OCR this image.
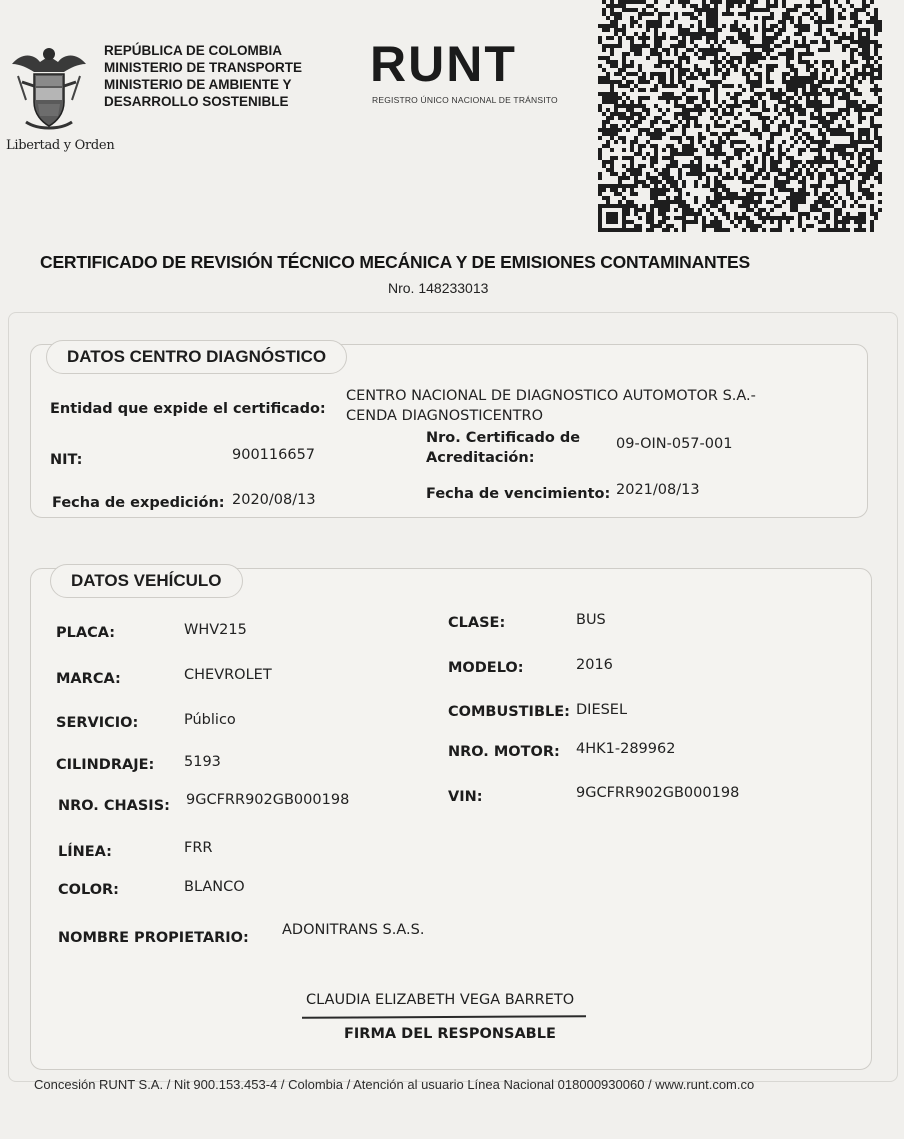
Libertad y Orden
REPÚBLICA DE COLOMBIA
MINISTERIO DE TRANSPORTE
MINISTERIO DE AMBIENTE Y
DESARROLLO SOSTENIBLE
RUNT
REGISTRO ÚNICO NACIONAL DE TRÁNSITO
CERTIFICADO DE REVISIÓN TÉCNICO MECÁNICA Y DE EMISIONES CONTAMINANTES
Nro. 148233013
DATOS CENTRO DIAGNÓSTICO
Entidad que expide el certificado:
CENTRO NACIONAL DE DIAGNOSTICO AUTOMOTOR S.A.- CENDA DIAGNOSTICENTRO
NIT:	900116657
Nro. Certificado de Acreditación:
09-OIN-057-001
Fecha de expedición: 2020/08/13	Fecha de vencimiento: 2021/08/13
DATOS VEHÍCULO
PLACA:	WHV215
MARCA:	CHEVROLET
SERVICIO:	Público
CILINDRAJE: 5193
NRO. CHASIS: 9GCFRR902GB000198
LÍNEA:	FRR
COLOR:	BLANCO
CLASE:	BUS
MODELO:	2016
COMBUSTIBLE: DIESEL
NRO. MOTOR: 4HK1-289962
VIN:	9GCFRR902GB000198
NOMBRE PROPIETARIO: ADONITRANS S.A.S.
CLAUDIA ELIZABETH VEGA BARRETO
FIRMA DEL RESPONSABLE
Concesión RUNT S.A. / Nit 900.153.453-4 / Colombia / Atención al usuario Línea Nacional 018000930060 / www.runt.com.co
